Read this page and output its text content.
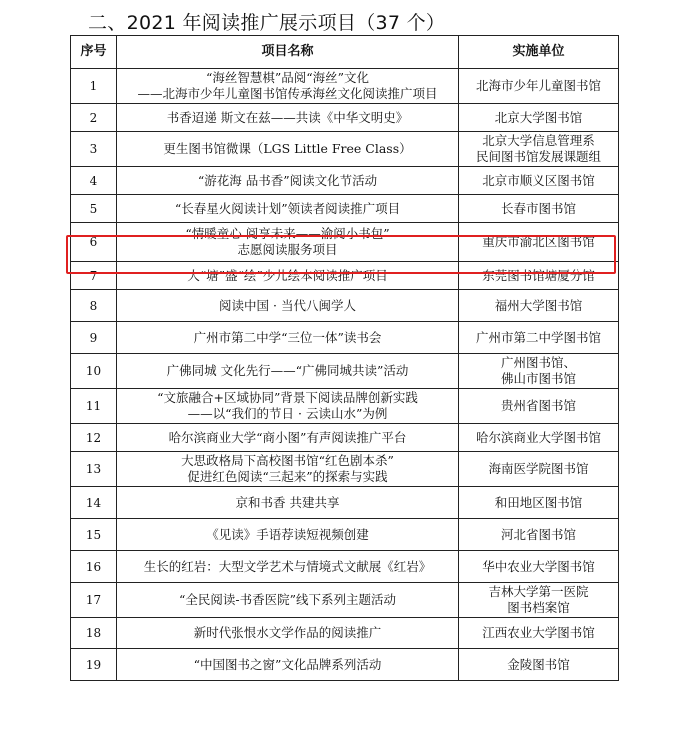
二、2021 年阅读推广展示项目（37 个）
序号	项目名称	实施单位
1	“海丝智慧棋”品阅“海丝”文化
——北海市少年儿童图书馆传承海丝文化阅读推广项目	北海市少年儿童图书馆

2	书香迢递 斯文在兹——共读《中华文明史》	北京大学图书馆

3	更生图书馆微课（LGS Little Free Class）	北京大学信息管理系
民间图书馆发展课题组

4	“游花海 品书香”阅读文化节活动	北京市顺义区图书馆

5	“长春星火阅读计划”领读者阅读推广项目	长春市图书馆

6	“情暖童心 阅享未来——渝阅小书包”
志愿阅读服务项目	重庆市渝北区图书馆

7	大“塘”盛“绘”少儿绘本阅读推广项目	东莞图书馆塘厦分馆

8	阅读中国 · 当代八闽学人	福州大学图书馆

9	广州市第二中学“三位一体”读书会	广州市第二中学图书馆

10	广佛同城 文化先行——“广佛同城共读”活动	广州图书馆、
佛山市图书馆

11	“文旅融合+区域协同”背景下阅读品牌创新实践
——以“我们的节日 · 云读山水”为例	贵州省图书馆

12	哈尔滨商业大学“商小图”有声阅读推广平台	哈尔滨商业大学图书馆

13	大思政格局下高校图书馆“红色剧本杀”
促进红色阅读“三起来”的探索与实践	海南医学院图书馆

14	京和书香 共建共享	和田地区图书馆

15	《见读》手语荐读短视频创建	河北省图书馆

16	生长的红岩：大型文学艺术与情境式文献展《红岩》	华中农业大学图书馆

17	“全民阅读-书香医院”线下系列主题活动	吉林大学第一医院
图书档案馆

18	新时代张恨水文学作品的阅读推广	江西农业大学图书馆

19	“中国图书之窗”文化品牌系列活动	金陵图书馆
